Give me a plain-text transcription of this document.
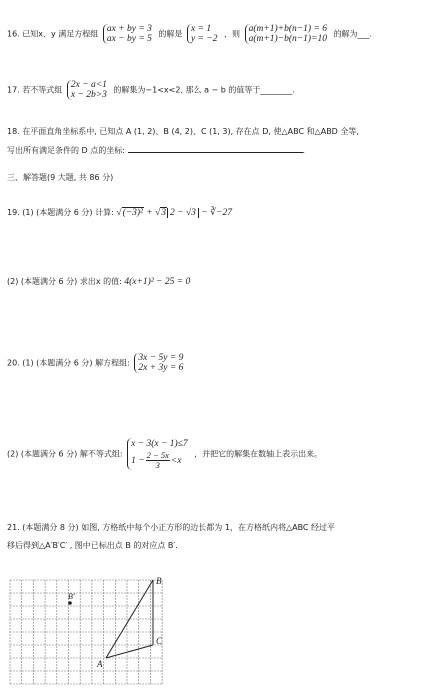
16. 已知x、y 满足方程组 ax + by = 3
ax − by = 5 的解是 x = 1
y = −2 ，则 a(m+1)+b(n−1) = 6
a(m+1)−b(n−1)=10 的解为___.
17. 若不等式组 2x − a<1
x − 2b>3 的解集为−1<x<2, 那么 a − b 的值等于________.
18. 在平面直角坐标系中, 已知点 A (1, 2)、B (4, 2)、C (1, 3), 存在点 D, 使△ABC 和△ABD 全等,
写出所有满足条件的 D 点的坐标:	.
三、解答题(9 大题, 共 86 分)
19. (1) (本题满分 6 分) 计算: √(−3)² + √3 2 − √3 − ∛−27
(2) (本题满分 6 分) 求出x 的值: 4(x+1)² − 25 = 0
20. (1) (本题满分 6 分) 解方程组: 3x − 5y = 9
2x + 3y = 6
(2) (本题满分 6 分) 解不等式组: x − 3(x − 1)≤7
$1 - \frac{2 - 5x}{3} <x$ ，并把它的解集在数轴上表示出来。
21. (本题满分 8 分) 如图, 方格纸中每个小正方形的边长都为 1，在方格纸内将△ABC 经过平
移后得到△A′B′C′ , 图中已标出点 B 的对应点 B′.
B
C
A
B′
